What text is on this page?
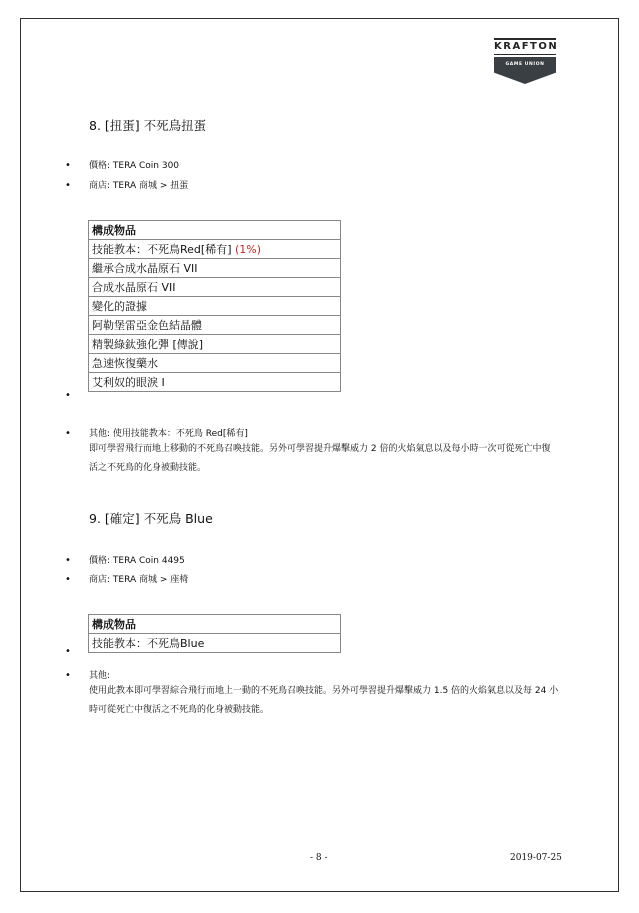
KRAFTON
GAME UNION
8. [扭蛋] 不死鳥扭蛋
• 價格: TERA Coin 300
• 商店: TERA 商城 > 扭蛋
構成物品
技能教本：不死鳥Red[稀有] (1%)
繼承合成水晶原石 VII
合成水晶原石 VII
變化的證據
阿勒堡雷亞金色結晶體
精製綠鈦強化彈 [傳說]
急速恢復藥水
艾利奴的眼淚 I
•
• 其他: 使用技能教本：不死鳥 Red[稀有]
即可學習飛行而地上移動的不死鳥召喚技能。另外可學習提升爆擊威力 2 倍的火焰氣息以及每小時一次可從死亡中復活之不死鳥的化身被動技能。
9. [確定] 不死鳥 Blue
• 價格: TERA Coin 4495
• 商店: TERA 商城 > 座椅
構成物品
技能教本：不死鳥Blue
•
• 其他:
使用此教本即可學習綜合飛行而地上一動的不死鳥召喚技能。另外可學習提升爆擊威力 1.5 倍的火焰氣息以及每 24 小時可從死亡中復活之不死鳥的化身被動技能。
- 8 -	2019-07-25
